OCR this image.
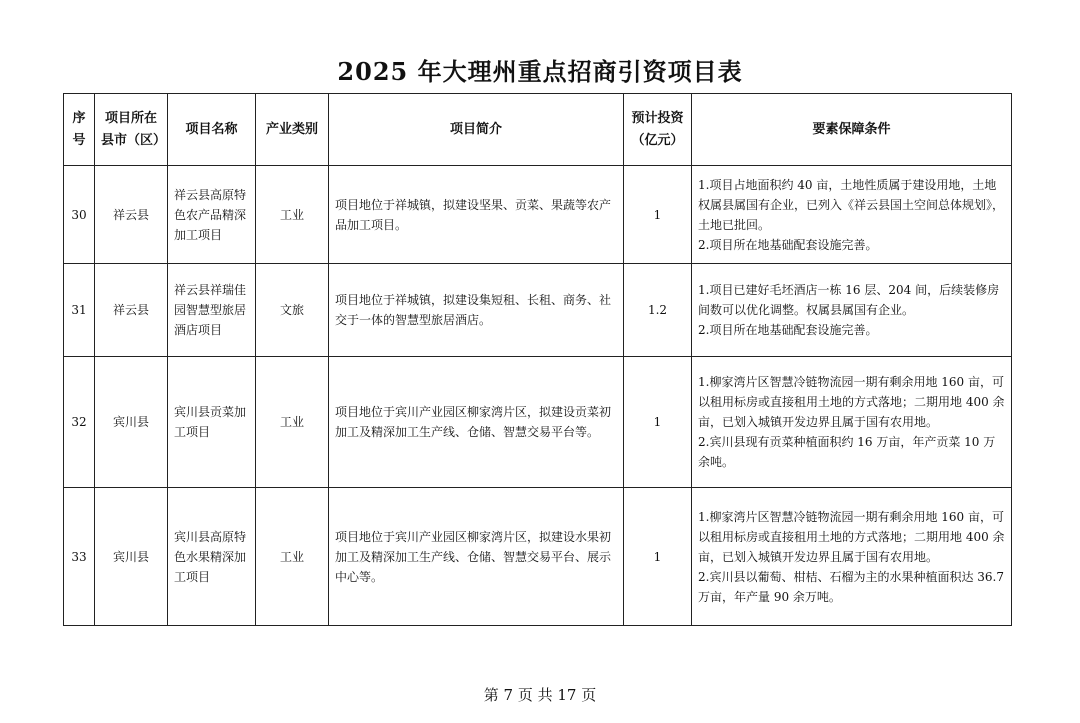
2025 年大理州重点招商引资项目表
序号	项目所在县市（区）	项目名称	产业类别	项目简介	预计投资（亿元）	要素保障条件
30	祥云县	祥云县高原特色农产品精深加工项目	工业	项目地位于祥城镇，拟建设坚果、贡菜、果蔬等农产品加工项目。	1	1.项目占地面积约 40 亩，土地性质属于建设用地，土地权属县属国有企业，已列入《祥云县国土空间总体规划》，土地已批回。
2.项目所在地基础配套设施完善。

31	祥云县	祥云县祥瑞佳园智慧型旅居酒店项目	文旅	项目地位于祥城镇，拟建设集短租、长租、商务、社交于一体的智慧型旅居酒店。	1.2	1.项目已建好毛坯酒店一栋 16 层、204 间，后续装修房间数可以优化调整。权属县属国有企业。
2.项目所在地基础配套设施完善。

32	宾川县	宾川县贡菜加工项目	工业	项目地位于宾川产业园区柳家湾片区，拟建设贡菜初加工及精深加工生产线、仓储、智慧交易平台等。	1	1.柳家湾片区智慧冷链物流园一期有剩余用地 160 亩，可以租用标房或直接租用土地的方式落地；二期用地 400 余亩，已划入城镇开发边界且属于国有农用地。
2.宾川县现有贡菜种植面积约 16 万亩，年产贡菜 10 万余吨。

33	宾川县	宾川县高原特色水果精深加工项目	工业	项目地位于宾川产业园区柳家湾片区，拟建设水果初加工及精深加工生产线、仓储、智慧交易平台、展示中心等。	1	1.柳家湾片区智慧冷链物流园一期有剩余用地 160 亩，可以租用标房或直接租用土地的方式落地；二期用地 400 余亩，已划入城镇开发边界且属于国有农用地。
2.宾川县以葡萄、柑桔、石榴为主的水果种植面积达 36.7 万亩，年产量 90 余万吨。
第 7 页 共 17 页
